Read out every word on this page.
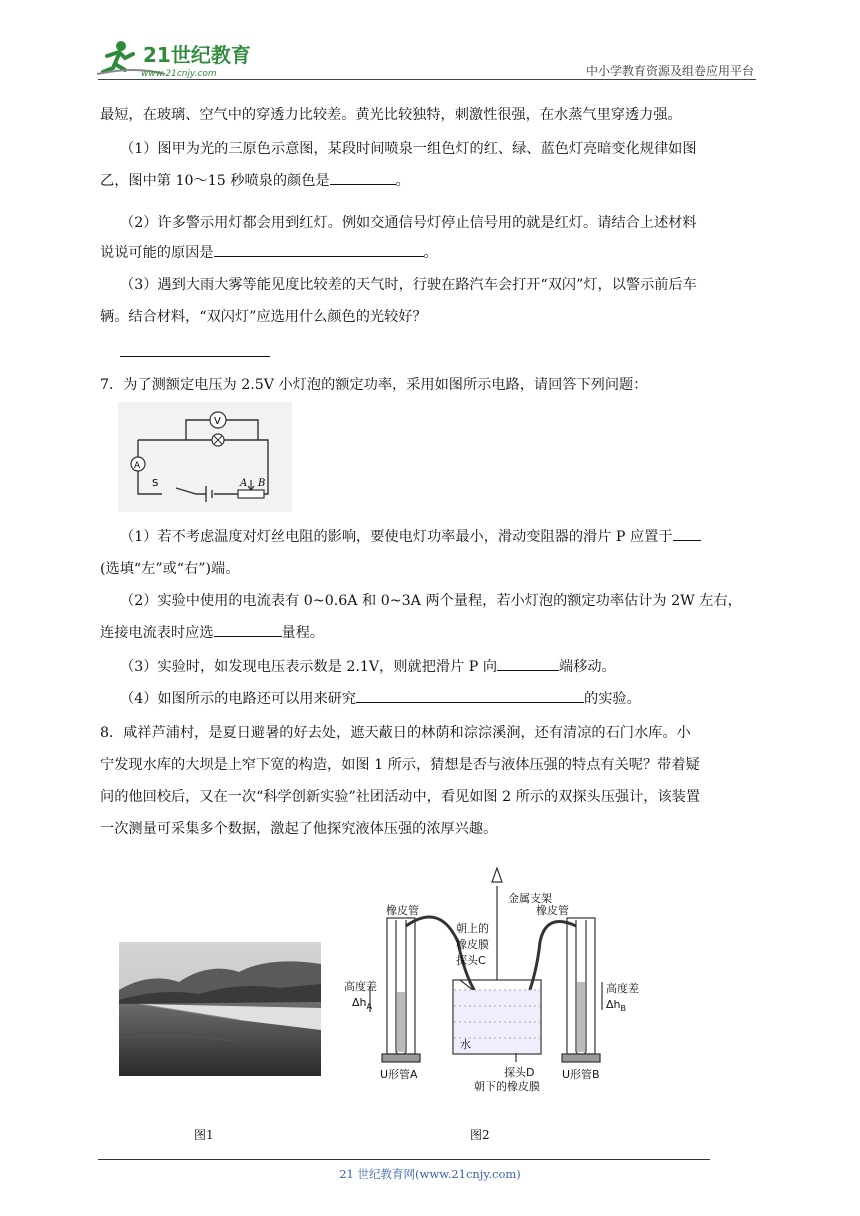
21世纪教育
www.21cnjy.com	中小学教育资源及组卷应用平台
最短，在玻璃、空气中的穿透力比较差。黄光比较独特，刺激性很强，在水蒸气里穿透力强。
（1）图甲为光的三原色示意图，某段时间喷泉一组色灯的红、绿、蓝色灯亮暗变化规律如图
乙，图中第 10～15 秒喷泉的颜色是	。
（2）许多警示用灯都会用到红灯。例如交通信号灯停止信号用的就是红灯。请结合上述材料
说说可能的原因是	。
（3）遇到大雨大雾等能见度比较差的天气时，行驶在路汽车会打开“双闪”灯，以警示前后车
辆。结合材料，“双闪灯”应选用什么颜色的光较好？
7．为了测额定电压为 2.5V 小灯泡的额定功率，采用如图所示电路，请回答下列问题：
V
A
S	A B
（1）若不考虑温度对灯丝电阻的影响，要使电灯功率最小，滑动变阻器的滑片 P 应置于
(选填“左”或“右”)端。
（2）实验中使用的电流表有 0~0.6A 和 0~3A 两个量程，若小灯泡的额定功率估计为 2W 左右，
连接电流表时应选	量程。
（3）实验时，如发现电压表示数是 2.1V，则就把滑片 P 向	端移动。
（4）如图所示的电路还可以用来研究	的实验。
8．咸祥芦浦村，是夏日避暑的好去处，遮天蔽日的林荫和淙淙溪涧，还有清凉的石门水库。小
宁发现水库的大坝是上窄下宽的构造，如图 1 所示，猜想是否与液体压强的特点有关呢？带着疑
问的他回校后，又在一次“科学创新实验”社团活动中，看见如图 2 所示的双探头压强计，该装置
一次测量可采集多个数据，激起了他探究液体压强的浓厚兴趣。
金属支架
橡皮管	橡皮管
朝上的
橡皮膜
探头C
高度差
$\Delta h_A$
高度差
$\Delta h_B$
水
探头D
朝下的橡皮膜
U形管A	U形管B
图1	图2
21 世纪教育网(www.21cnjy.com)
